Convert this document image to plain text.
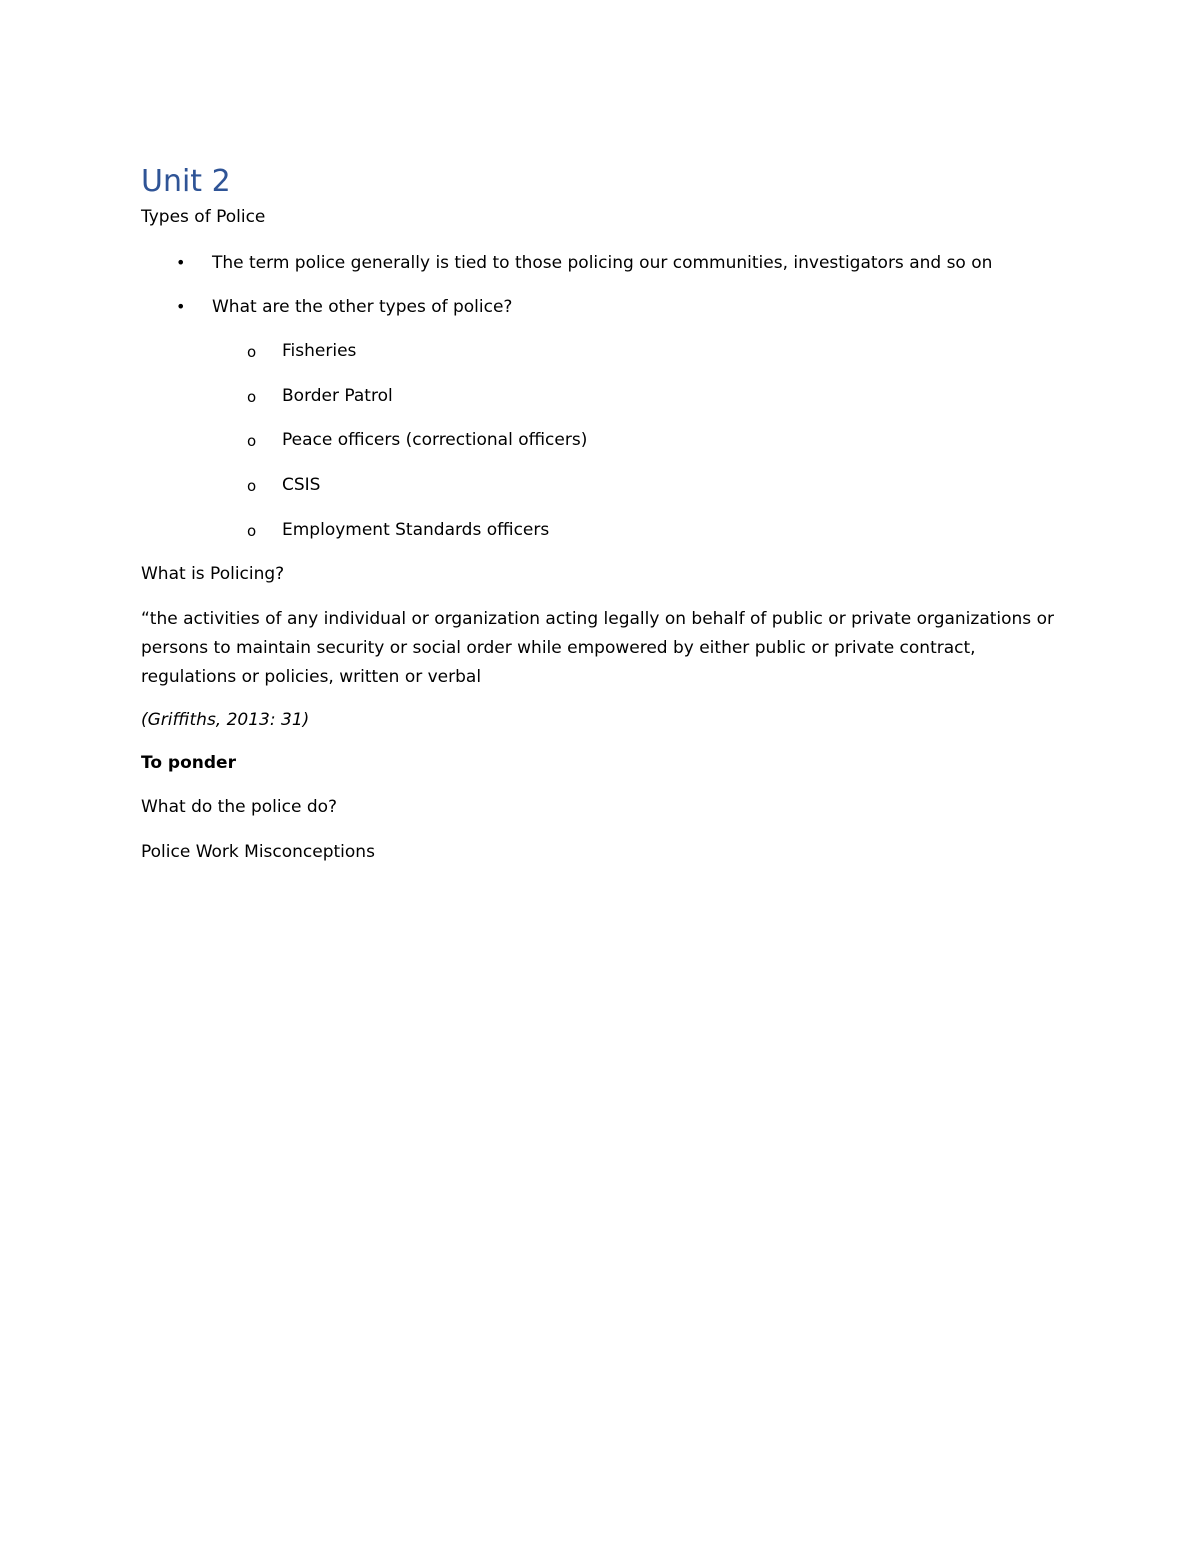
Unit 2

Types of Police

•	The term police generally is tied to those policing our communities, investigators and so on
•	What are the other types of police?
o Fisheries
o Border Patrol
o Peace officers (correctional officers)
o CSIS
o Employment Standards officers

What is Policing?

“the activities of any individual or organization acting legally on behalf of public or private organizations or persons to maintain security or social order while empowered by either public or private contract, regulations or policies, written or verbal

(Griffiths, 2013: 31)

To ponder

What do the police do?

Police Work Misconceptions
